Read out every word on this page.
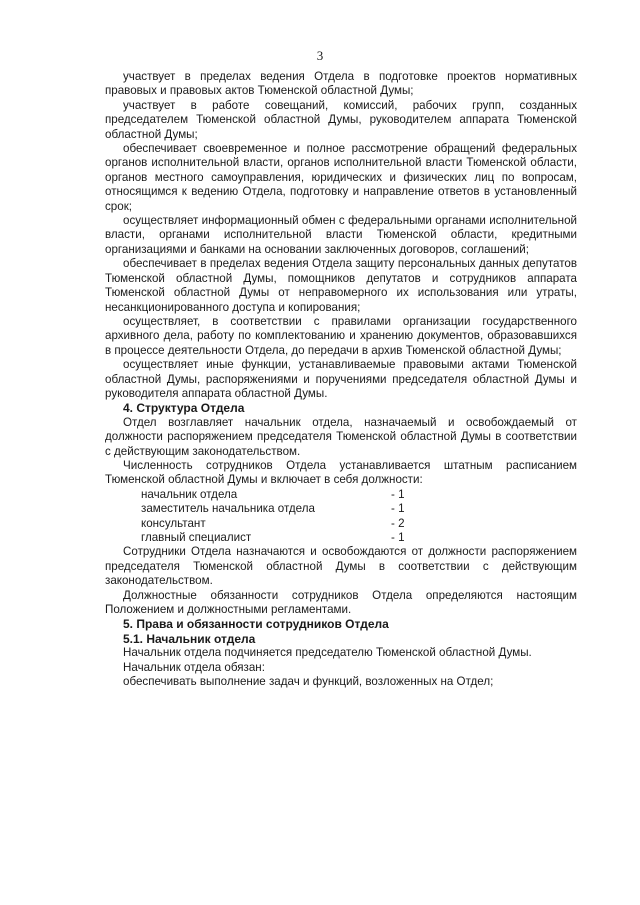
3

участвует в пределах ведения Отдела в подготовке проектов нормативных правовых и правовых актов Тюменской областной Думы;

участвует в работе совещаний, комиссий, рабочих групп, созданных председателем Тюменской областной Думы, руководителем аппарата Тюменской областной Думы;

обеспечивает своевременное и полное рассмотрение обращений федеральных органов исполнительной власти, органов исполнительной власти Тюменской области, органов местного самоуправления, юридических и физических лиц по вопросам, относящимся к ведению Отдела, подготовку и направление ответов в установленный срок;

осуществляет информационный обмен с федеральными органами исполнительной власти, органами исполнительной власти Тюменской области, кредитными организациями и банками на основании заключенных договоров, соглашений;

обеспечивает в пределах ведения Отдела защиту персональных данных депутатов Тюменской областной Думы, помощников депутатов и сотрудников аппарата Тюменской областной Думы от неправомерного их использования или утраты, несанкционированного доступа и копирования;

осуществляет, в соответствии с правилами организации государственного архивного дела, работу по комплектованию и хранению документов, образовавшихся в процессе деятельности Отдела, до передачи в архив Тюменской областной Думы;

осуществляет иные функции, устанавливаемые правовыми актами Тюменской областной Думы, распоряжениями и поручениями председателя областной Думы и руководителя аппарата областной Думы.

4. Структура Отдела

Отдел возглавляет начальник отдела, назначаемый и освобождаемый от должности распоряжением председателя Тюменской областной Думы в соответствии с действующим законодательством.

Численность сотрудников Отдела устанавливается штатным расписанием Тюменской областной Думы и включает в себя должности:

начальник отдела	- 1
заместитель начальника отдела	- 1
консультант	- 2
главный специалист	- 1

Сотрудники Отдела назначаются и освобождаются от должности распоряжением председателя Тюменской областной Думы в соответствии с действующим законодательством.

Должностные обязанности сотрудников Отдела определяются настоящим Положением и должностными регламентами.

5. Права и обязанности сотрудников Отдела

5.1. Начальник отдела

Начальник отдела подчиняется председателю Тюменской областной Думы.

Начальник отдела обязан:

обеспечивать выполнение задач и функций, возложенных на Отдел;
